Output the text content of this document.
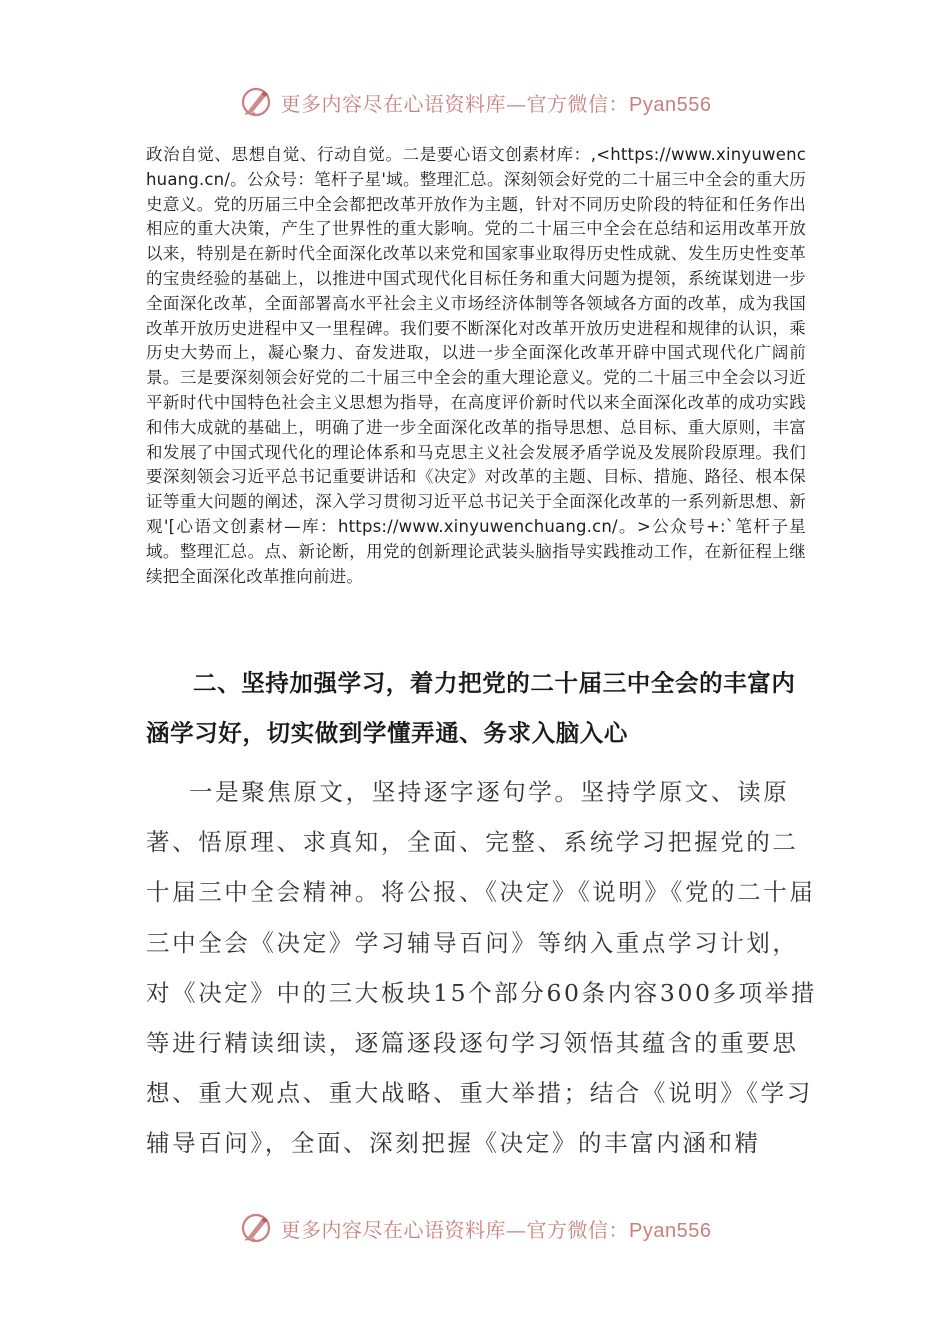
更多内容尽在心语资料库—官方微信：Pyan556
政治自觉、思想自觉、行动自觉。二是要心语文创素材库：,<https://www.xinyuwenchuang.cn/。公众号：笔杆子星'域。整理汇总。深刻领会好党的二十届三中全会的重大历史意义。党的历届三中全会都把改革开放作为主题，针对不同历史阶段的特征和任务作出相应的重大决策，产生了世界性的重大影响。党的二十届三中全会在总结和运用改革开放以来，特别是在新时代全面深化改革以来党和国家事业取得历史性成就、发生历史性变革的宝贵经验的基础上，以推进中国式现代化目标任务和重大问题为提领，系统谋划进一步全面深化改革，全面部署高水平社会主义市场经济体制等各领域各方面的改革，成为我国改革开放历史进程中又一里程碑。我们要不断深化对改革开放历史进程和规律的认识，乘历史大势而上，凝心聚力、奋发进取，以进一步全面深化改革开辟中国式现代化广阔前景。三是要深刻领会好党的二十届三中全会的重大理论意义。党的二十届三中全会以习近平新时代中国特色社会主义思想为指导，在高度评价新时代以来全面深化改革的成功实践和伟大成就的基础上，明确了进一步全面深化改革的指导思想、总目标、重大原则，丰富和发展了中国式现代化的理论体系和马克思主义社会发展矛盾学说及发展阶段原理。我们要深刻领会习近平总书记重要讲话和《决定》对改革的主题、目标、措施、路径、根本保证等重大问题的阐述，深入学习贯彻习近平总书记关于全面深化改革的一系列新思想、新观'[心语文创素材—库：https://www.xinyuwenchuang.cn/。>公众号+:`笔杆子星域。整理汇总。点、新论断，用党的创新理论武装头脑指导实践推动工作，在新征程上继续把全面深化改革推向前进。
二、坚持加强学习，着力把党的二十届三中全会的丰富内涵学习好，切实做到学懂弄通、务求入脑入心
一是聚焦原文，坚持逐字逐句学。坚持学原文、读原著、悟原理、求真知，全面、完整、系统学习把握党的二十届三中全会精神。将公报、《决定》《说明》《党的二十届三中全会《决定》学习辅导百问》等纳入重点学习计划，对《决定》中的三大板块15个部分60条内容300多项举措等进行精读细读，逐篇逐段逐句学习领悟其蕴含的重要思想、重大观点、重大战略、重大举措；结合《说明》《学习辅导百问》，全面、深刻把握《决定》的丰富内涵和精
更多内容尽在心语资料库—官方微信：Pyan556
